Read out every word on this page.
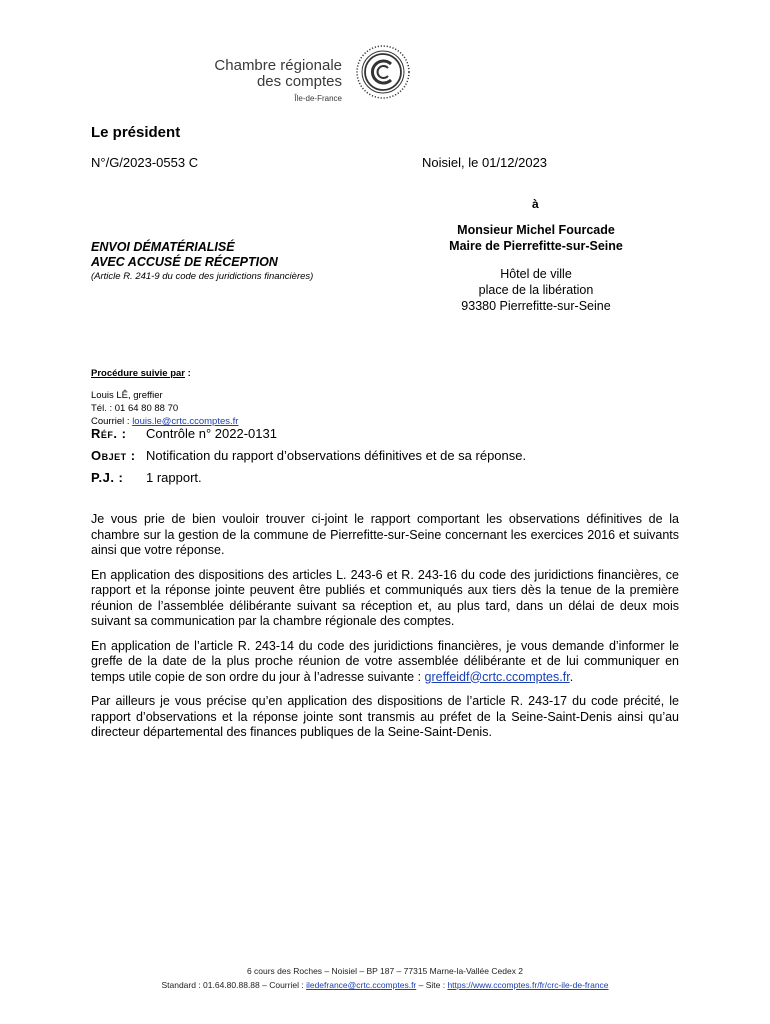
Chambre régionale
des comptes
Île-de-France
Le président
N°/G/2023-0553 C	Noisiel, le 01/12/2023
à
Monsieur Michel Fourcade
Maire de Pierrefitte-sur-Seine
Hôtel de ville
place de la libération
93380 Pierrefitte-sur-Seine
ENVOI DÉMATÉRIALISÉ
AVEC ACCUSÉ DE RÉCEPTION
(Article R. 241-9 du code des juridictions financières)
Procédure suivie par :
Louis LÊ, greffier
Tél. : 01 64 80 88 70
Courriel : louis.le@crtc.ccomptes.fr
Réf. :	Contrôle n° 2022-0131
Objet : Notification du rapport d’observations définitives et de sa réponse.
P.J. :	1 rapport.

Je vous prie de bien vouloir trouver ci-joint le rapport comportant les observations définitives de la chambre sur la gestion de la commune de Pierrefitte-sur-Seine concernant les exercices 2016 et suivants ainsi que votre réponse.

En application des dispositions des articles L. 243-6 et R. 243-16 du code des juridictions financières, ce rapport et la réponse jointe peuvent être publiés et communiqués aux tiers dès la tenue de la première réunion de l’assemblée délibérante suivant sa réception et, au plus tard, dans un délai de deux mois suivant sa communication par la chambre régionale des comptes.

En application de l’article R. 243-14 du code des juridictions financières, je vous demande d’informer le greffe de la date de la plus proche réunion de votre assemblée délibérante et de lui communiquer en temps utile copie de son ordre du jour à l’adresse suivante : greffeidf@crtc.ccomptes.fr.

Par ailleurs je vous précise qu’en application des dispositions de l’article R. 243-17 du code précité, le rapport d’observations et la réponse jointe sont transmis au préfet de la Seine-Saint-Denis ainsi qu’au directeur départemental des finances publiques de la Seine-Saint-Denis.

6 cours des Roches – Noisiel – BP 187 – 77315 Marne-la-Vallée Cedex 2
Standard : 01.64.80.88.88 – Courriel : iledefrance@crtc.ccomptes.fr – Site : https://www.ccomptes.fr/fr/crc-ile-de-france
